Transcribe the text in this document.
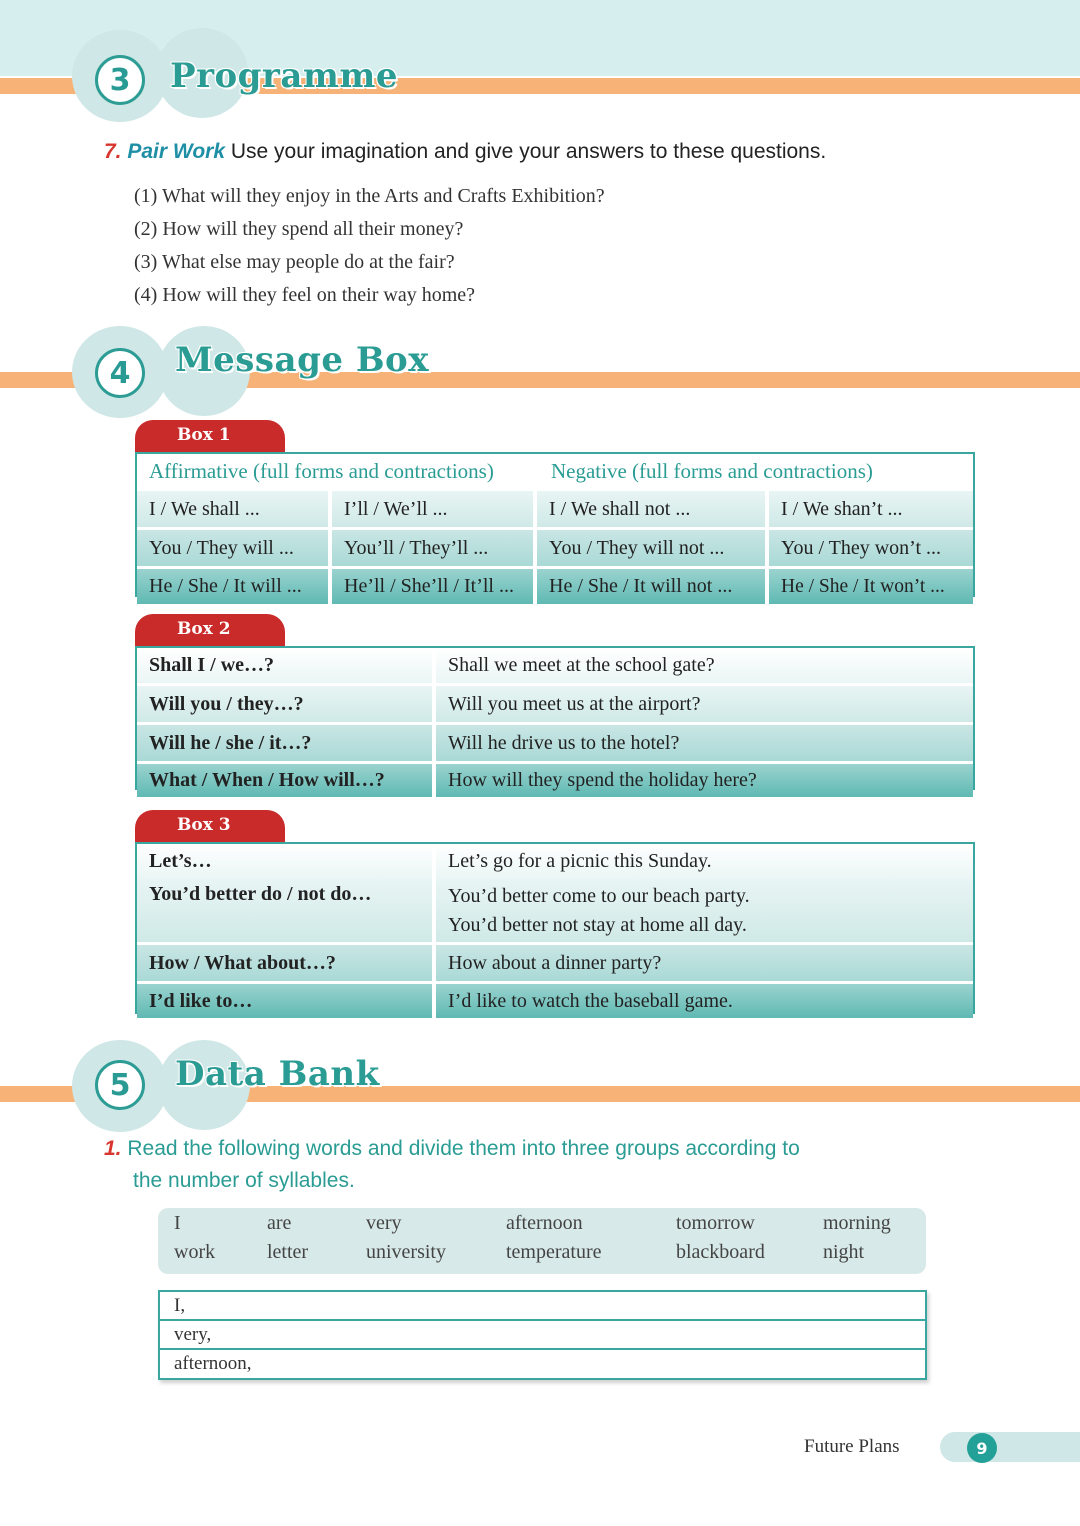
3	Programme
7. Pair Work Use your imagination and give your answers to these questions.
(1) What will they enjoy in the Arts and Crafts Exhibition?
(2) How will they spend all their money?
(3) What else may people do at the fair?
(4) How will they feel on their way home?
4	Message Box
Box 1
Affirmative (full forms and contractions)	Negative (full forms and contractions)
I / We shall ...	I’ll / We’ll ...	I / We shall not ...	I / We shan’t ...
You / They will ...	You’ll / They’ll ...	You / They will not ...	You / They won’t ...
He / She / It will ...	He’ll / She’ll / It’ll ...	He / She / It will not ...	He / She / It won’t ...
Box 2
Shall I / we…?	Shall we meet at the school gate?
Will you / they…?	Will you meet us at the airport?
Will he / she / it…?	Will he drive us to the hotel?
What / When / How will…?	How will they spend the holiday here?
Box 3
Let’s…	Let’s go for a picnic this Sunday.
You’d better do / not do…	You’d better come to our beach party.
You’d better not stay at home all day.
How / What about…?	How about a dinner party?
I’d like to…	I’d like to watch the baseball game.
5	Data Bank
1. Read the following words and divide them into three groups according to
the number of syllables.
I	are	very	afternoon	tomorrow	morning
work	letter	university	temperature	blackboard	night
I,
very,
afternoon,
Future Plans	9
